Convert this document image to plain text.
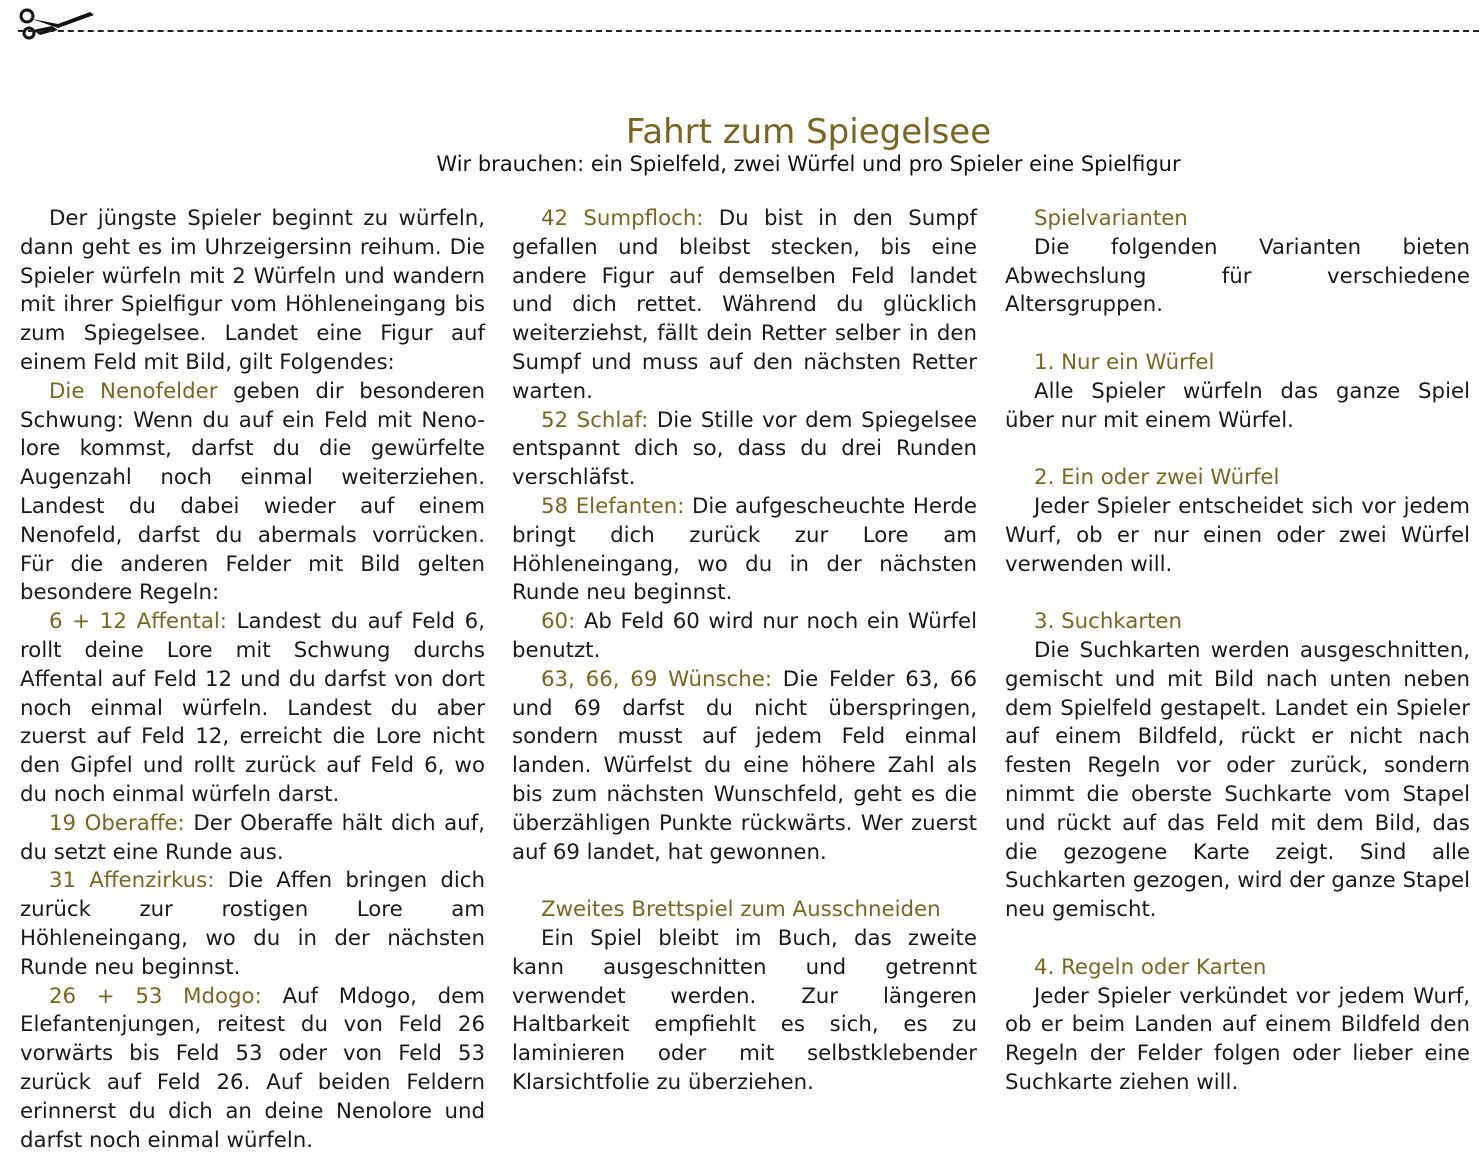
Fahrt zum Spiegelsee

Wir brauchen: ein Spielfeld, zwei Würfel und pro Spieler eine Spielfigur

Der jüngste Spieler beginnt zu würfeln, dann geht es im Uhrzeigersinn reihum. Die Spieler würfeln mit 2 Würfeln und wandern mit ihrer Spielfigur vom Höhleneingang bis zum Spiegelsee. Landet eine Figur auf einem Feld mit Bild, gilt Folgendes:

Die Nenofelder geben dir besonderen Schwung: Wenn du auf ein Feld mit Neno-lore kommst, darfst du die gewürfelte Augenzahl noch einmal weiterziehen. Landest du dabei wieder auf einem Nenofeld, darfst du abermals vorrücken. Für die anderen Felder mit Bild gelten besondere Regeln:

6 + 12 Affental: Landest du auf Feld 6, rollt deine Lore mit Schwung durchs Affental auf Feld 12 und du darfst von dort noch einmal würfeln. Landest du aber zuerst auf Feld 12, erreicht die Lore nicht den Gipfel und rollt zurück auf Feld 6, wo du noch einmal würfeln darst.

19 Oberaffe: Der Oberaffe hält dich auf, du setzt eine Runde aus.

31 Affenzirkus: Die Affen bringen dich zurück zur rostigen Lore am Höhleneingang, wo du in der nächsten Runde neu beginnst.

26 + 53 Mdogo: Auf Mdogo, dem Elefantenjungen, reitest du von Feld 26 vorwärts bis Feld 53 oder von Feld 53 zurück auf Feld 26. Auf beiden Feldern erinnerst du dich an deine Nenolore und darfst noch einmal würfeln.

42 Sumpfloch: Du bist in den Sumpf gefallen und bleibst stecken, bis eine andere Figur auf demselben Feld landet und dich rettet. Während du glücklich weiterziehst, fällt dein Retter selber in den Sumpf und muss auf den nächsten Retter warten.

52 Schlaf: Die Stille vor dem Spiegelsee entspannt dich so, dass du drei Runden verschläfst.

58 Elefanten: Die aufgescheuchte Herde bringt dich zurück zur Lore am Höhleneingang, wo du in der nächsten Runde neu beginnst.

60: Ab Feld 60 wird nur noch ein Würfel benutzt.

63, 66, 69 Wünsche: Die Felder 63, 66 und 69 darfst du nicht überspringen, sondern musst auf jedem Feld einmal landen. Würfelst du eine höhere Zahl als bis zum nächsten Wunschfeld, geht es die überzähligen Punkte rückwärts. Wer zuerst auf 69 landet, hat gewonnen.

Zweites Brettspiel zum Ausschneiden

Ein Spiel bleibt im Buch, das zweite kann ausgeschnitten und getrennt verwendet werden. Zur längeren Haltbarkeit empfiehlt es sich, es zu laminieren oder mit selbstklebender Klarsichtfolie zu überziehen.

Spielvarianten

Die folgenden Varianten bieten Abwechslung für verschiedene Altersgruppen.

1. Nur ein Würfel

Alle Spieler würfeln das ganze Spiel über nur mit einem Würfel.

2. Ein oder zwei Würfel

Jeder Spieler entscheidet sich vor jedem Wurf, ob er nur einen oder zwei Würfel verwenden will.

3. Suchkarten

Die Suchkarten werden ausgeschnitten, gemischt und mit Bild nach unten neben dem Spielfeld gestapelt. Landet ein Spieler auf einem Bildfeld, rückt er nicht nach festen Regeln vor oder zurück, sondern nimmt die oberste Suchkarte vom Stapel und rückt auf das Feld mit dem Bild, das die gezogene Karte zeigt. Sind alle Suchkarten gezogen, wird der ganze Stapel neu gemischt.

4. Regeln oder Karten

Jeder Spieler verkündet vor jedem Wurf, ob er beim Landen auf einem Bildfeld den Regeln der Felder folgen oder lieber eine Suchkarte ziehen will.
